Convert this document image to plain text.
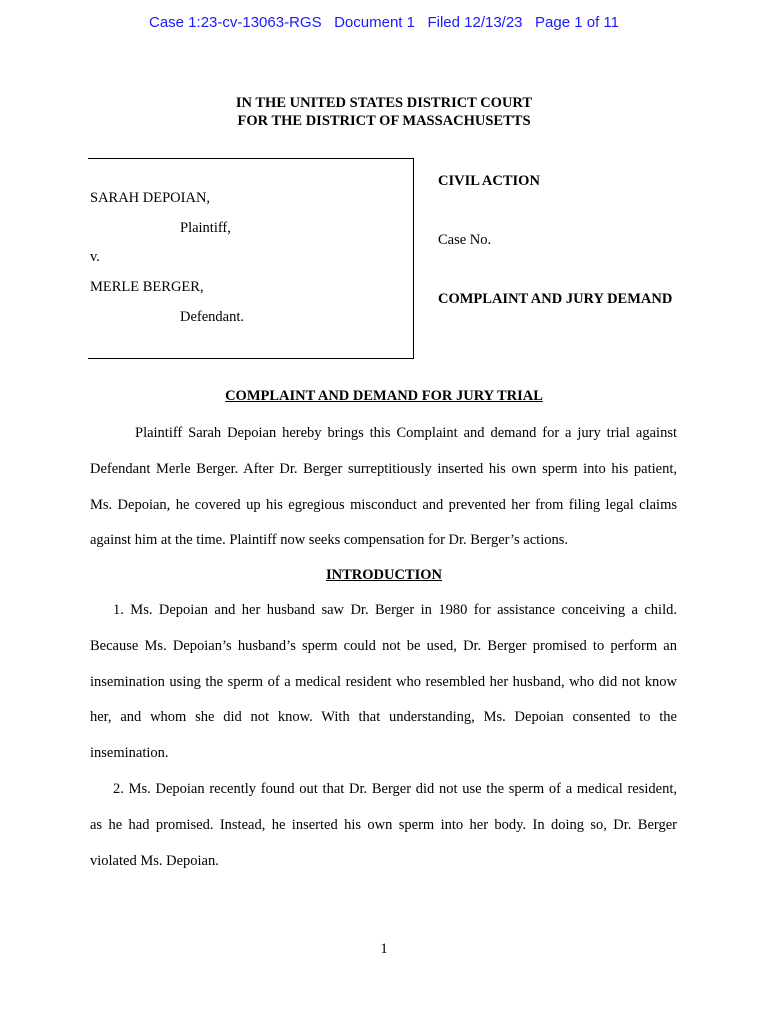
Case 1:23-cv-13063-RGS   Document 1   Filed 12/13/23   Page 1 of 11
IN THE UNITED STATES DISTRICT COURT
FOR THE DISTRICT OF MASSACHUSETTS
SARAH DEPOIAN,
Plaintiff,
v.
MERLE BERGER,
Defendant.
CIVIL ACTION
Case No.
COMPLAINT AND JURY DEMAND
COMPLAINT AND DEMAND FOR JURY TRIAL
Plaintiff Sarah Depoian hereby brings this Complaint and demand for a jury trial against
Defendant Merle Berger. After Dr. Berger surreptitiously inserted his own sperm into his patient,
Ms. Depoian, he covered up his egregious misconduct and prevented her from filing legal claims
against him at the time. Plaintiff now seeks compensation for Dr. Berger’s actions.
INTRODUCTION
1. Ms. Depoian and her husband saw Dr. Berger in 1980 for assistance conceiving a child.
Because Ms. Depoian’s husband’s sperm could not be used, Dr. Berger promised to perform an
insemination using the sperm of a medical resident who resembled her husband, who did not know
her, and whom she did not know. With that understanding, Ms. Depoian consented to the
insemination.
2. Ms. Depoian recently found out that Dr. Berger did not use the sperm of a medical resident,
as he had promised. Instead, he inserted his own sperm into her body. In doing so, Dr. Berger
violated Ms. Depoian.
1
